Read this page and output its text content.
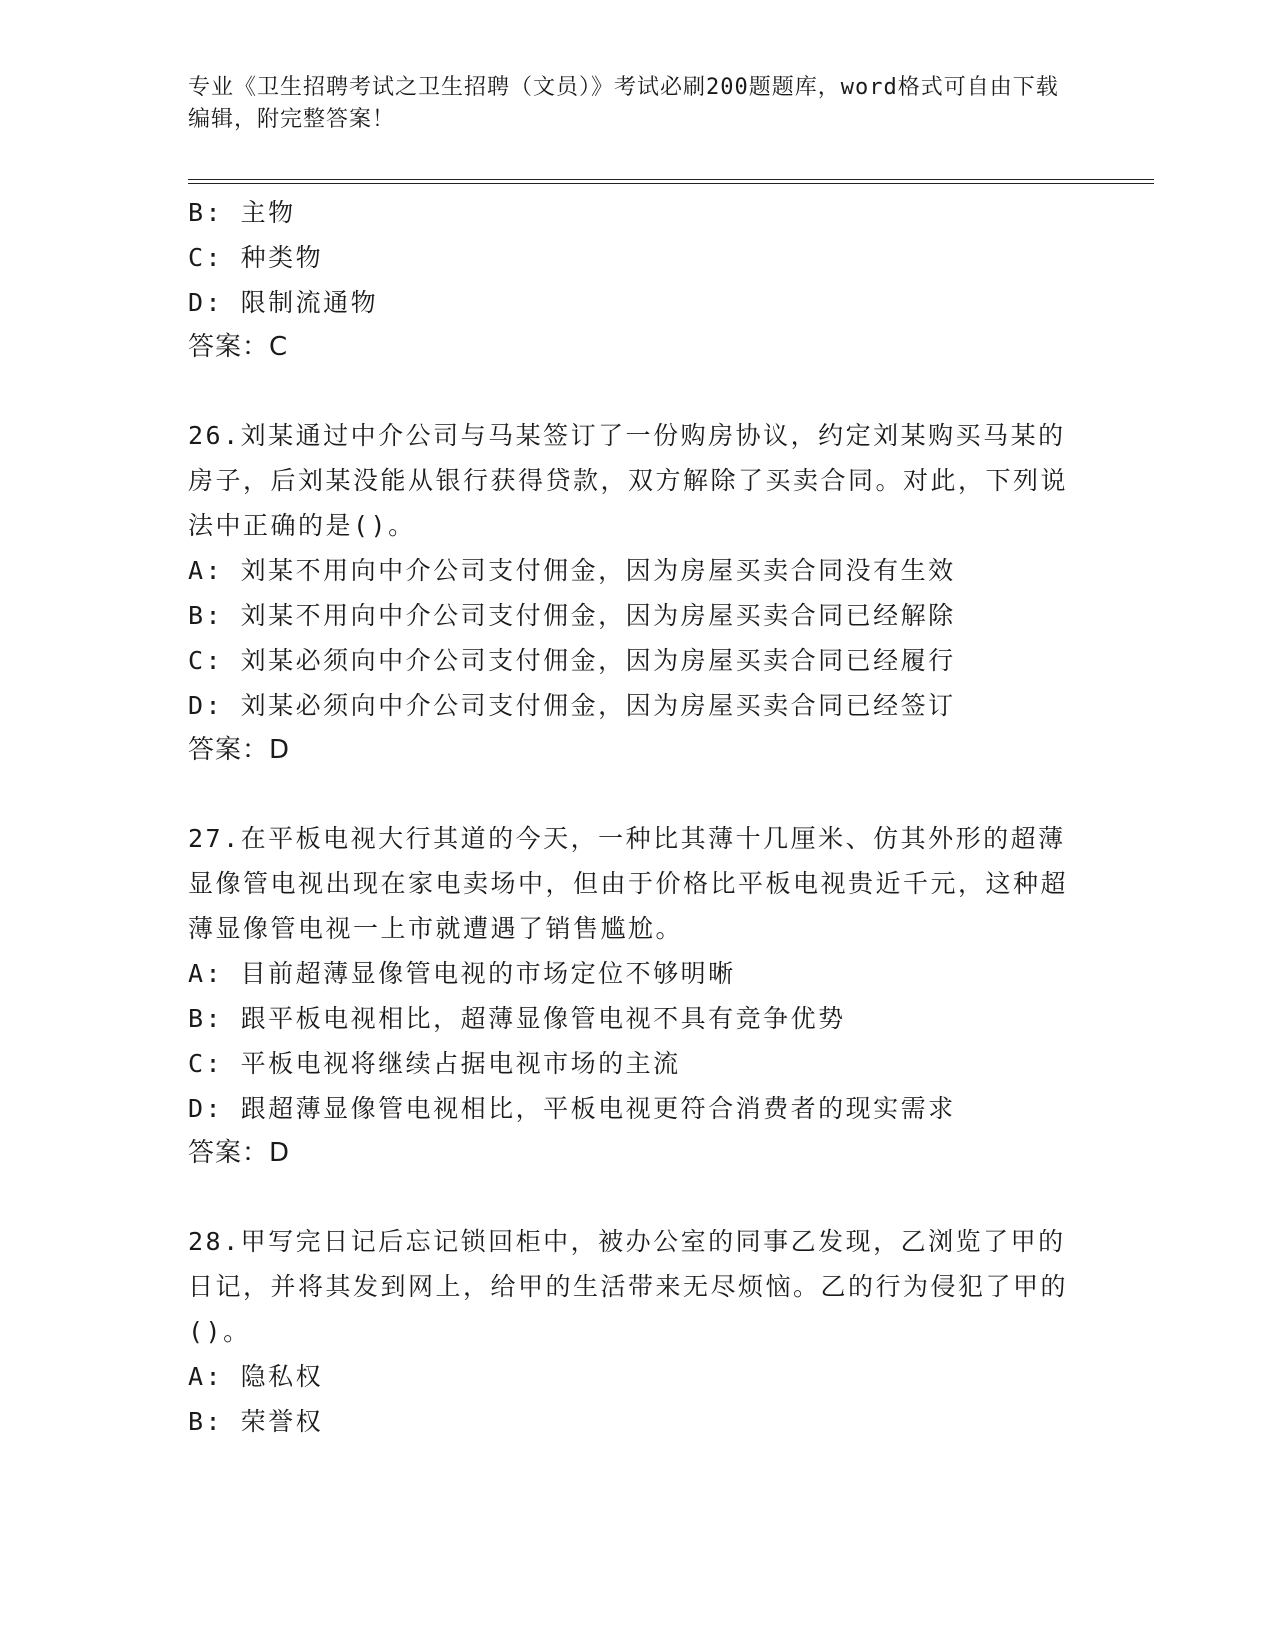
专业《卫生招聘考试之卫生招聘（文员）》考试必刷200题题库，word格式可自由下载编辑，附完整答案！
B: 主物
C: 种类物
D: 限制流通物
答案：C
26.刘某通过中介公司与马某签订了一份购房协议，约定刘某购买马某的房子，后刘某没能从银行获得贷款，双方解除了买卖合同。对此，下列说法中正确的是()。
A: 刘某不用向中介公司支付佣金，因为房屋买卖合同没有生效
B: 刘某不用向中介公司支付佣金，因为房屋买卖合同已经解除
C: 刘某必须向中介公司支付佣金，因为房屋买卖合同已经履行
D: 刘某必须向中介公司支付佣金，因为房屋买卖合同已经签订
答案：D
27.在平板电视大行其道的今天，一种比其薄十几厘米、仿其外形的超薄显像管电视出现在家电卖场中，但由于价格比平板电视贵近千元，这种超薄显像管电视一上市就遭遇了销售尴尬。
A: 目前超薄显像管电视的市场定位不够明晰
B: 跟平板电视相比，超薄显像管电视不具有竞争优势
C: 平板电视将继续占据电视市场的主流
D: 跟超薄显像管电视相比，平板电视更符合消费者的现实需求
答案：D
28.甲写完日记后忘记锁回柜中，被办公室的同事乙发现，乙浏览了甲的日记，并将其发到网上，给甲的生活带来无尽烦恼。乙的行为侵犯了甲的()。
A: 隐私权
B: 荣誉权
